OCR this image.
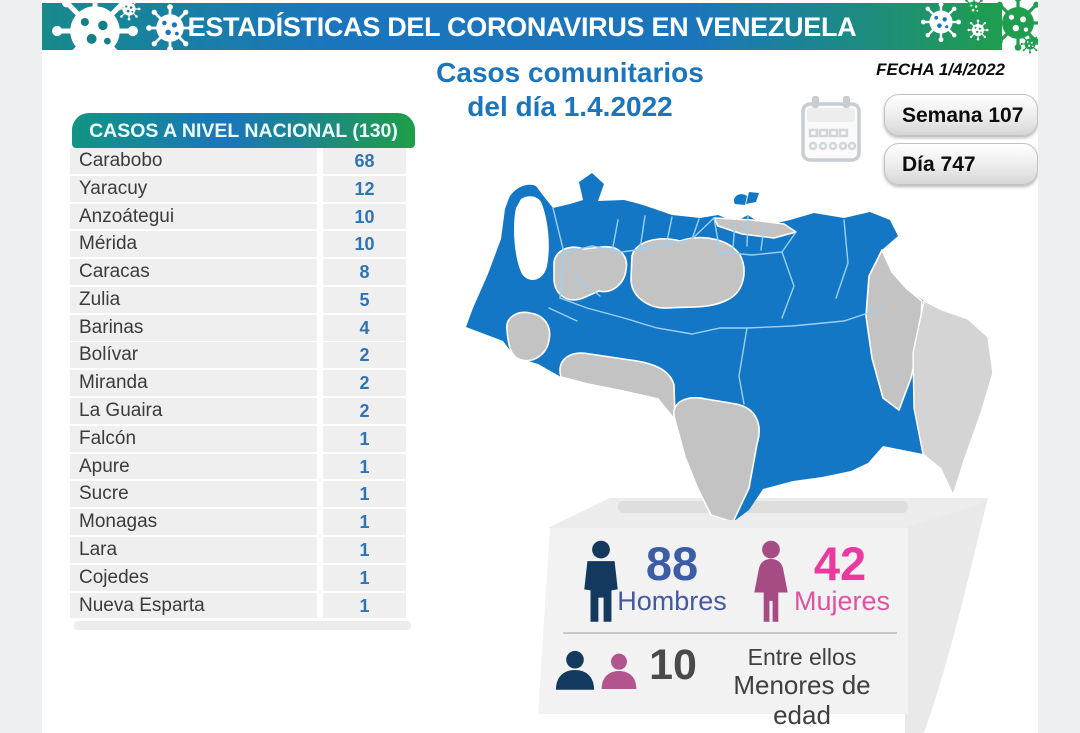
ESTADÍSTICAS DEL CORONAVIRUS EN VENEZUELA
Casos comunitarios
del día 1.4.2022
FECHA 1/4/2022
Semana 107
Día 747
CASOS A NIVEL NACIONAL (130)
Carabobo	68
Yaracuy	12
Anzoátegui	10
Mérida	10
Caracas	8
Zulia	5
Barinas	4
Bolívar	2
Miranda	2
La Guaira	2
Falcón	1
Apure	1
Sucre	1
Monagas	1
Lara	1
Cojedes	1
Nueva Esparta	1
88
Hombres
42
Mujeres
10	Entre ellos
Menores de edad
